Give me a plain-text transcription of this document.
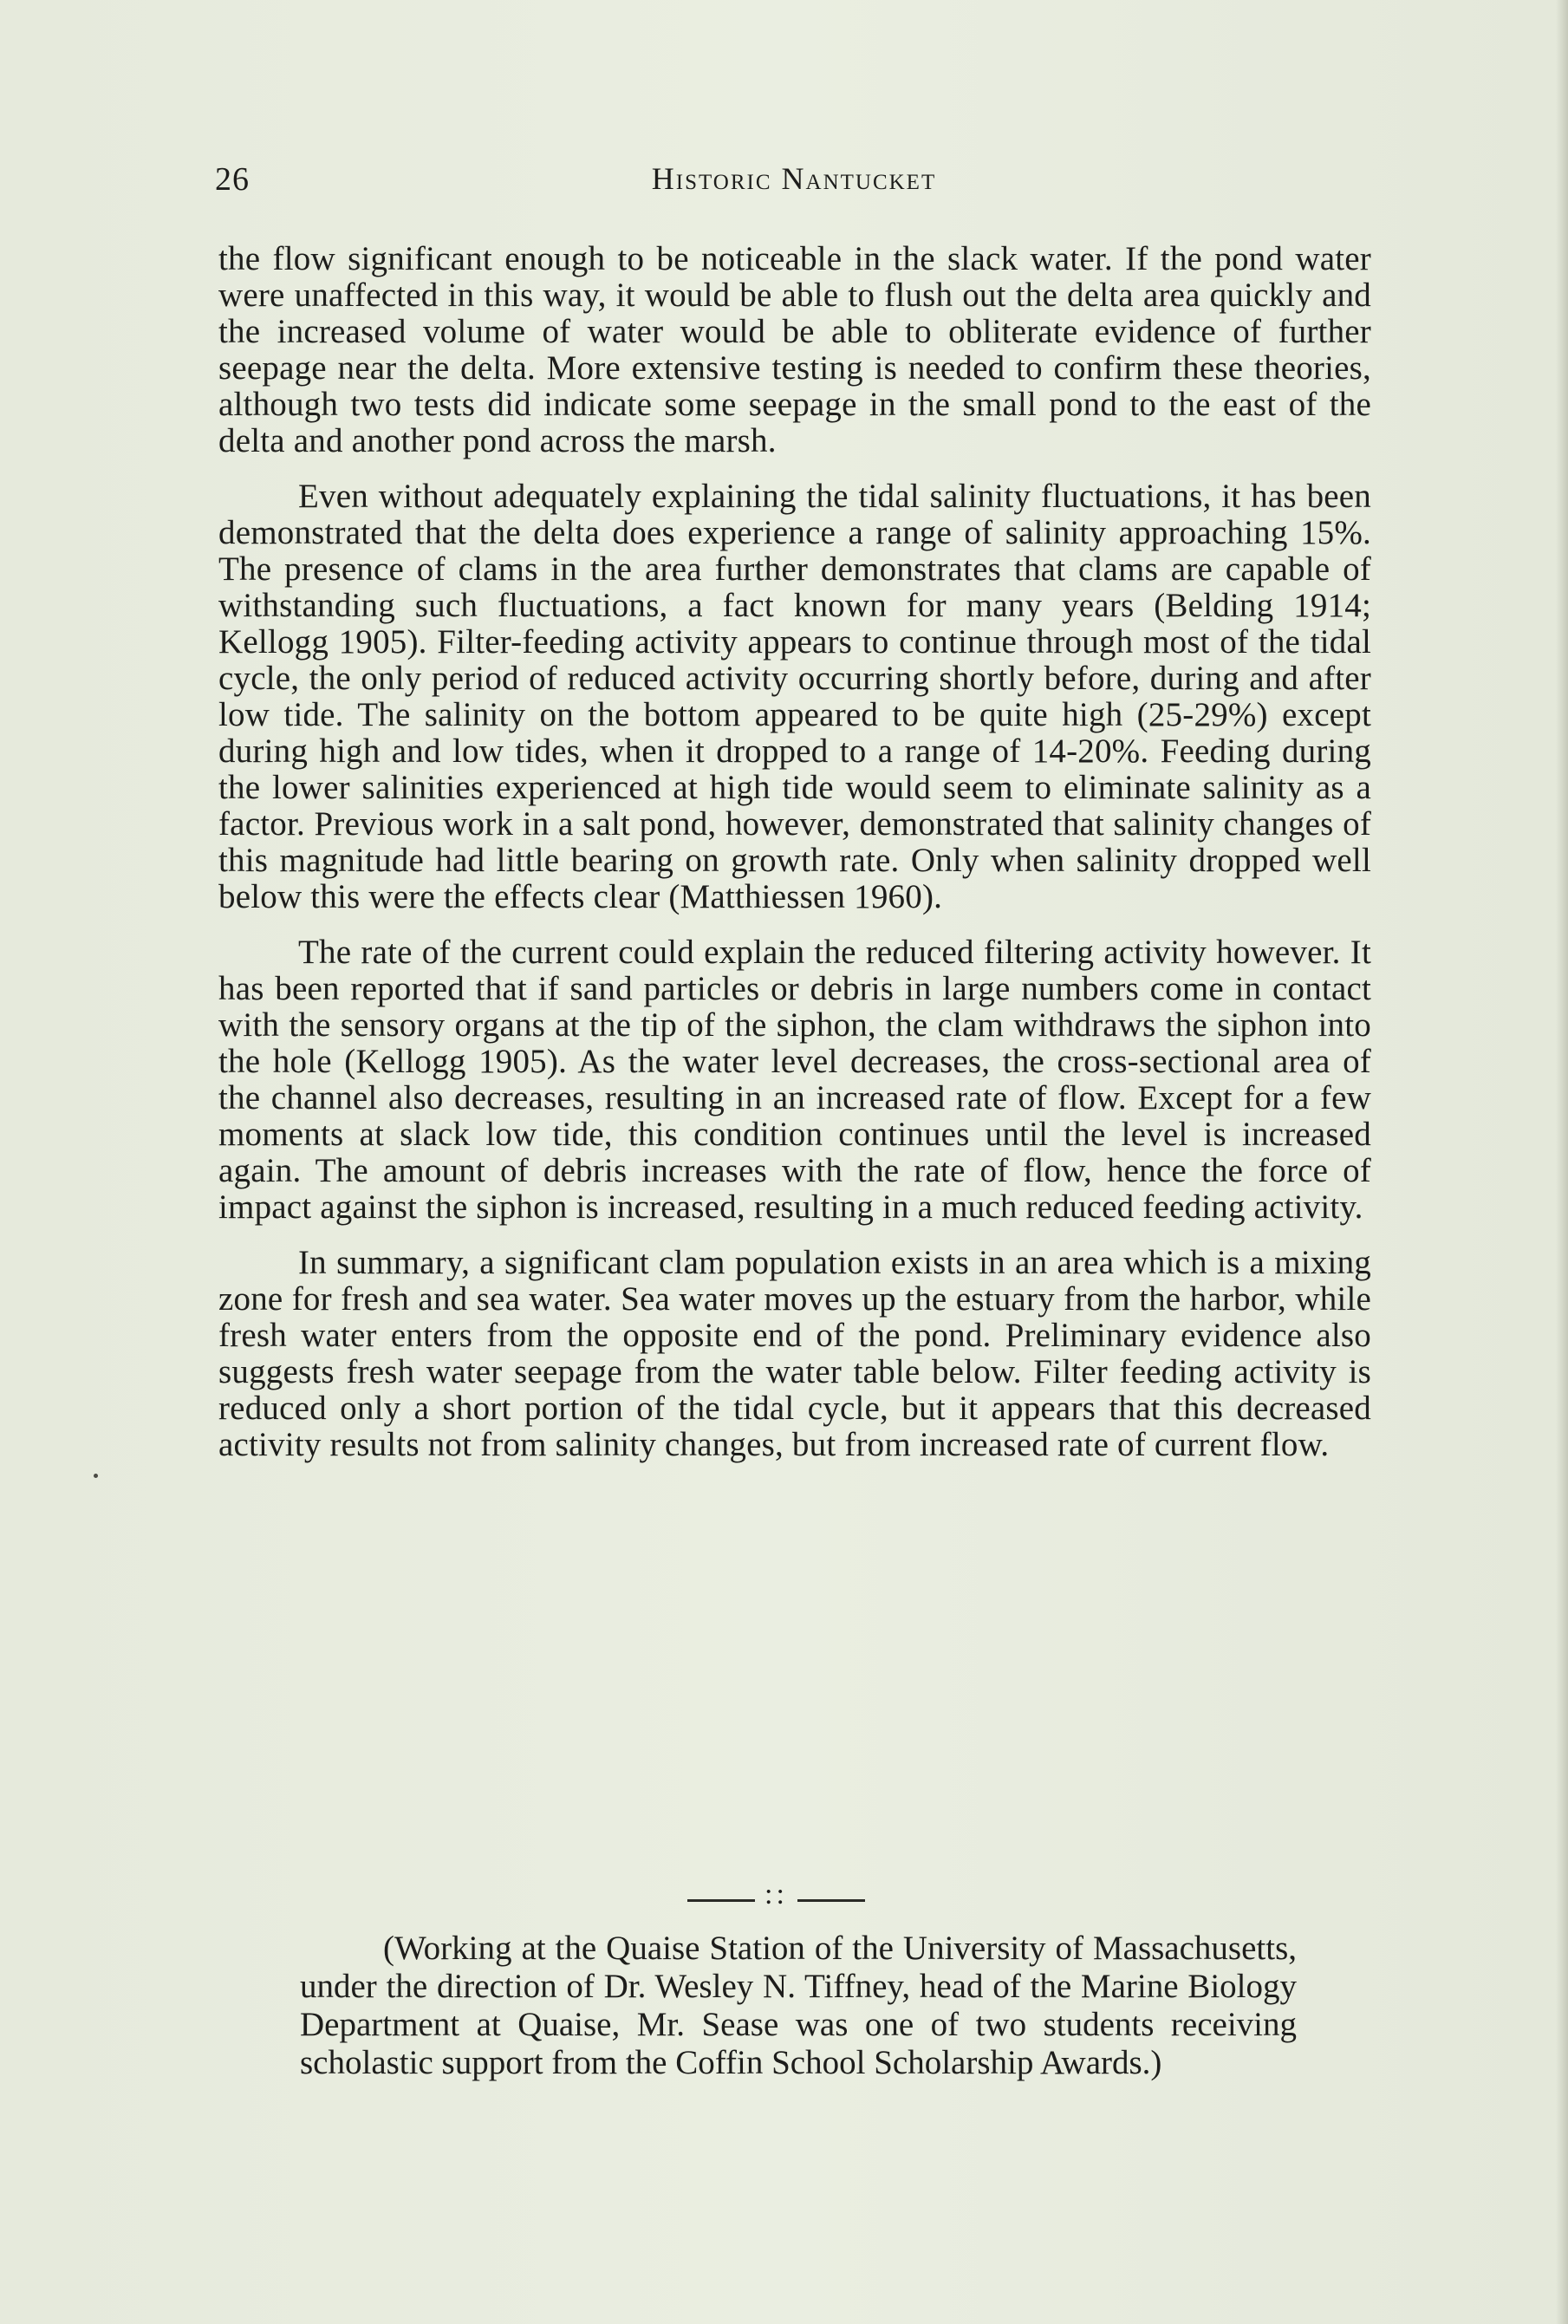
26	Historic Nantucket

the flow significant enough to be noticeable in the slack water. If the pond water were unaffected in this way, it would be able to flush out the delta area quickly and the increased volume of water would be able to obliterate evidence of further seepage near the delta. More extensive testing is needed to confirm these theories, although two tests did indicate some seepage in the small pond to the east of the delta and another pond across the marsh.

Even without adequately explaining the tidal salinity fluctuations, it has been demonstrated that the delta does experience a range of salinity approaching 15%. The presence of clams in the area further demonstrates that clams are capable of withstanding such fluctuations, a fact known for many years (Belding 1914; Kellogg 1905). Filter-feeding activity appears to continue through most of the tidal cycle, the only period of reduced activity occurring shortly before, during and after low tide. The salinity on the bottom appeared to be quite high (25-29%) except during high and low tides, when it dropped to a range of 14-20%. Feeding during the lower salinities experienced at high tide would seem to eliminate salinity as a factor. Previous work in a salt pond, however, demonstrated that salinity changes of this magnitude had little bearing on growth rate. Only when salinity dropped well below this were the effects clear (Matthiessen 1960).

The rate of the current could explain the reduced filtering activity however. It has been reported that if sand particles or debris in large numbers come in contact with the sensory organs at the tip of the siphon, the clam withdraws the siphon into the hole (Kellogg 1905). As the water level decreases, the cross-sectional area of the channel also decreases, resulting in an increased rate of flow. Except for a few moments at slack low tide, this condition continues until the level is increased again. The amount of debris increases with the rate of flow, hence the force of impact against the siphon is increased, resulting in a much reduced feeding activity.

In summary, a significant clam population exists in an area which is a mixing zone for fresh and sea water. Sea water moves up the estuary from the harbor, while fresh water enters from the opposite end of the pond. Preliminary evidence also suggests fresh water seepage from the water table below. Filter feeding activity is reduced only a short portion of the tidal cycle, but it appears that this decreased activity results not from salinity changes, but from increased rate of current flow.

::

(Working at the Quaise Station of the University of Massachusetts, under the direction of Dr. Wesley N. Tiffney, head of the Marine Biology Department at Quaise, Mr. Sease was one of two students receiving scholastic support from the Coffin School Scholarship Awards.)
